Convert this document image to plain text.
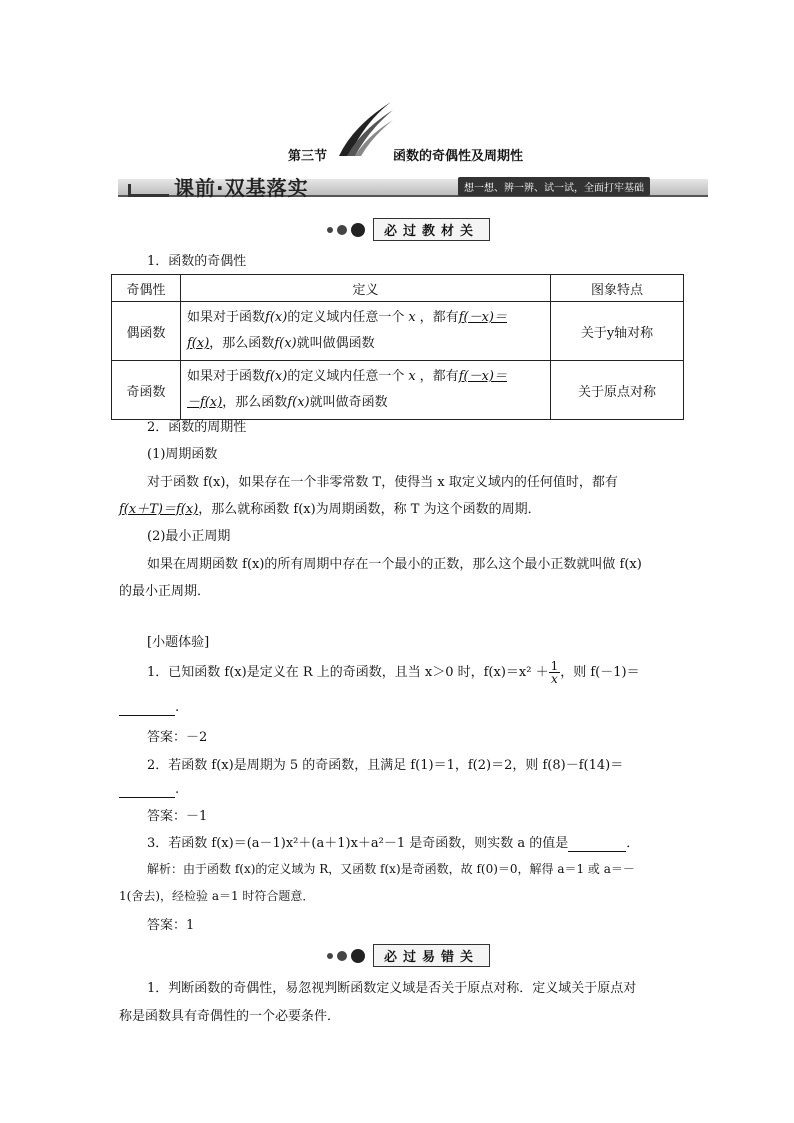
第三节	函数的奇偶性及周期性
课前·双基落实	想一想、辨一辨、试一试，全面打牢基础

必过教材关
1．函数的奇偶性
奇偶性	定义	图象特点
偶函数	如果对于函数f(x)的定义域内任意一个 x ，都有f(－x)＝
f(x)，那么函数f(x)就叫做偶函数	关于y轴对称
奇函数	如果对于函数f(x)的定义域内任意一个 x ，都有f(－x)＝
－f(x)，那么函数f(x)就叫做奇函数	关于原点对称
2．函数的周期性
(1)周期函数
对于函数 f(x)，如果存在一个非零常数 T，使得当 x 取定义域内的任何值时，都有
f(x＋T)＝f(x)，那么就称函数 f(x)为周期函数，称 T 为这个函数的周期．
(2)最小正周期
如果在周期函数 f(x)的所有周期中存在一个最小的正数，那么这个最小正数就叫做 f(x)
的最小正周期．
[小题体验]
1．已知函数 f(x)是定义在 R 上的奇函数，且当 x＞0 时，$f(x)=x^2 + \frac{1}{x}$ ，则 f(－1)＝
.
答案：－2
2．若函数 f(x)是周期为 5 的奇函数，且满足 f(1)＝1，f(2)＝2，则 f(8)－f(14)＝
.
答案：－1
3．若函数 f(x)＝(a－1)x²＋(a＋1)x＋a²－1 是奇函数，则实数 a 的值是	．
解析：由于函数 f(x)的定义域为 R，又函数 f(x)是奇函数，故 f(0)＝0，解得 a＝1 或 a＝－
1(舍去)，经检验 a＝1 时符合题意．
答案：1

必过易错关
1．判断函数的奇偶性，易忽视判断函数定义域是否关于原点对称．定义域关于原点对
称是函数具有奇偶性的一个必要条件．
